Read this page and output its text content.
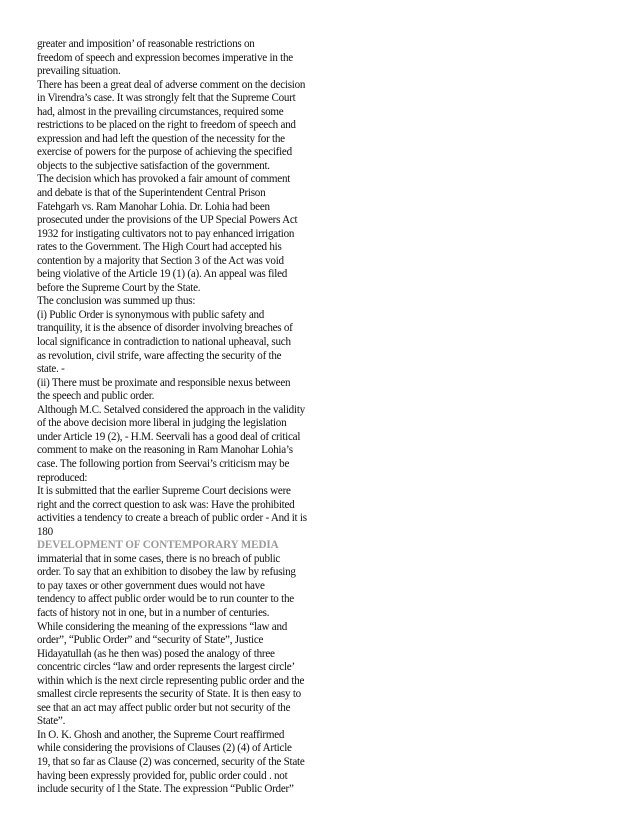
greater and imposition’ of reasonable restrictions on
freedom of speech and expression becomes imperative in the
prevailing situation.
There has been a great deal of adverse comment on the decision
in Virendra’s case. It was strongly felt that the Supreme Court
had, almost in the prevailing circumstances, required some
restrictions to be placed on the right to freedom of speech and
expression and had left the question of the necessity for the
exercise of powers for the purpose of achieving the specified
objects to the subjective satisfaction of the government.
The decision which has provoked a fair amount of comment
and debate is that of the Superintendent Central Prison
Fatehgarh vs. Ram Manohar Lohia. Dr. Lohia had been
prosecuted under the provisions of the UP Special Powers Act
1932 for instigating cultivators not to pay enhanced irrigation
rates to the Government. The High Court had accepted his
contention by a majority that Section 3 of the Act was void
being violative of the Article 19 (1) (a). An appeal was filed
before the Supreme Court by the State.
The conclusion was summed up thus:
(i) Public Order is synonymous with public safety and
tranquility, it is the absence of disorder involving breaches of
local significance in contradiction to national upheaval, such
as revolution, civil strife, ware affecting the security of the
state. -
(ii) There must be proximate and responsible nexus between
the speech and public order.
Although M.C. Setalved considered the approach in the validity
of the above decision more liberal in judging the legislation
under Article 19 (2), - H.M. Seervali has a good deal of critical
comment to make on the reasoning in Ram Manohar Lohia’s
case. The following portion from Seervai’s criticism may be
reproduced:
It is submitted that the earlier Supreme Court decisions were
right and the correct question to ask was: Have the prohibited
activities a tendency to create a breach of public order - And it is
180
DEVELOPMENT OF CONTEMPORARY MEDIA
immaterial that in some cases, there is no breach of public
order. To say that an exhibition to disobey the law by refusing
to pay taxes or other government dues would not have
tendency to affect public order would be to run counter to the
facts of history not in one, but in a number of centuries.
While considering the meaning of the expressions “law and
order”, “Public Order” and “security of State”, Justice
Hidayatullah (as he then was) posed the analogy of three
concentric circles “law and order represents the largest circle’
within which is the next circle representing public order and the
smallest circle represents the security of State. It is then easy to
see that an act may affect public order but not security of the
State”.
In O. K. Ghosh and another, the Supreme Court reaffirmed
while considering the provisions of Clauses (2) (4) of Article
19, that so far as Clause (2) was concerned, security of the State
having been expressly provided for, public order could . not
include security of l the State. The expression “Public Order”
